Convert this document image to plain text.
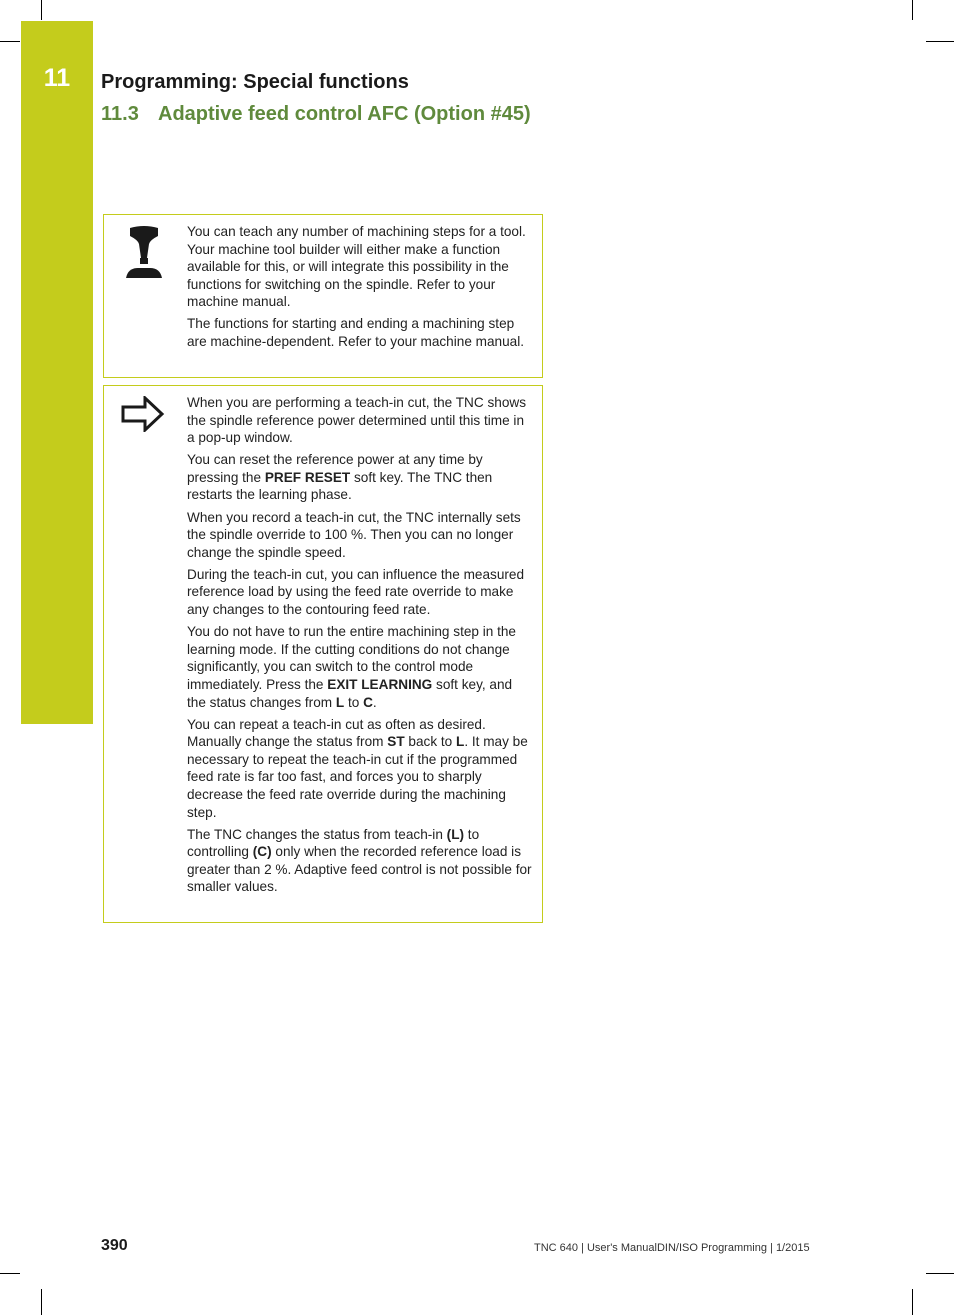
11	Programming: Special functions
11.3 Adaptive feed control AFC (Option #45)

You can teach any number of machining steps for a tool. Your machine tool builder will either make a function available for this, or will integrate this possibility in the functions for switching on the spindle. Refer to your machine manual.

The functions for starting and ending a machining step are machine-dependent. Refer to your machine manual.

When you are performing a teach-in cut, the TNC shows the spindle reference power determined until this time in a pop-up window.

You can reset the reference power at any time by pressing the PREF RESET soft key. The TNC then restarts the learning phase.

When you record a teach-in cut, the TNC internally sets the spindle override to 100 %. Then you can no longer change the spindle speed.

During the teach-in cut, you can influence the measured reference load by using the feed rate override to make any changes to the contouring feed rate.

You do not have to run the entire machining step in the learning mode. If the cutting conditions do not change significantly, you can switch to the control mode immediately. Press the EXIT LEARNING soft key, and the status changes from L to C.

You can repeat a teach-in cut as often as desired. Manually change the status from ST back to L. It may be necessary to repeat the teach-in cut if the programmed feed rate is far too fast, and forces you to sharply decrease the feed rate override during the machining step.

The TNC changes the status from teach-in (L) to controlling (C) only when the recorded reference load is greater than 2 %. Adaptive feed control is not possible for smaller values.

390	TNC 640 | User's ManualDIN/ISO Programming | 1/2015
